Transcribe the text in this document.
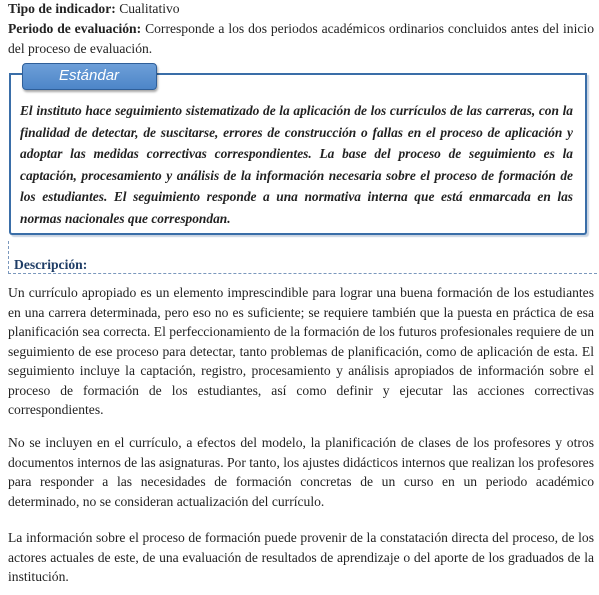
Tipo de indicador: Cualitativo
Periodo de evaluación: Corresponde a los dos periodos académicos ordinarios concluidos antes del inicio del proceso de evaluación.
Estándar
El instituto hace seguimiento sistematizado de la aplicación de los currículos de las carreras, con la finalidad de detectar, de suscitarse, errores de construcción o fallas en el proceso de aplicación y adoptar las medidas correctivas correspondientes. La base del proceso de seguimiento es la captación, procesamiento y análisis de la información necesaria sobre el proceso de formación de los estudiantes. El seguimiento responde a una normativa interna que está enmarcada en las normas nacionales que correspondan.
Descripción:
Un currículo apropiado es un elemento imprescindible para lograr una buena formación de los estudiantes en una carrera determinada, pero eso no es suficiente; se requiere también que la puesta en práctica de esa planificación sea correcta. El perfeccionamiento de la formación de los futuros profesionales requiere de un seguimiento de ese proceso para detectar, tanto problemas de planificación, como de aplicación de esta. El seguimiento incluye la captación, registro, procesamiento y análisis apropiados de información sobre el proceso de formación de los estudiantes, así como definir y ejecutar las acciones correctivas correspondientes.
No se incluyen en el currículo, a efectos del modelo, la planificación de clases de los profesores y otros documentos internos de las asignaturas. Por tanto, los ajustes didácticos internos que realizan los profesores para responder a las necesidades de formación concretas de un curso en un periodo académico determinado, no se consideran actualización del currículo.
La información sobre el proceso de formación puede provenir de la constatación directa del proceso, de los actores actuales de este, de una evaluación de resultados de aprendizaje o del aporte de los graduados de la institución.
